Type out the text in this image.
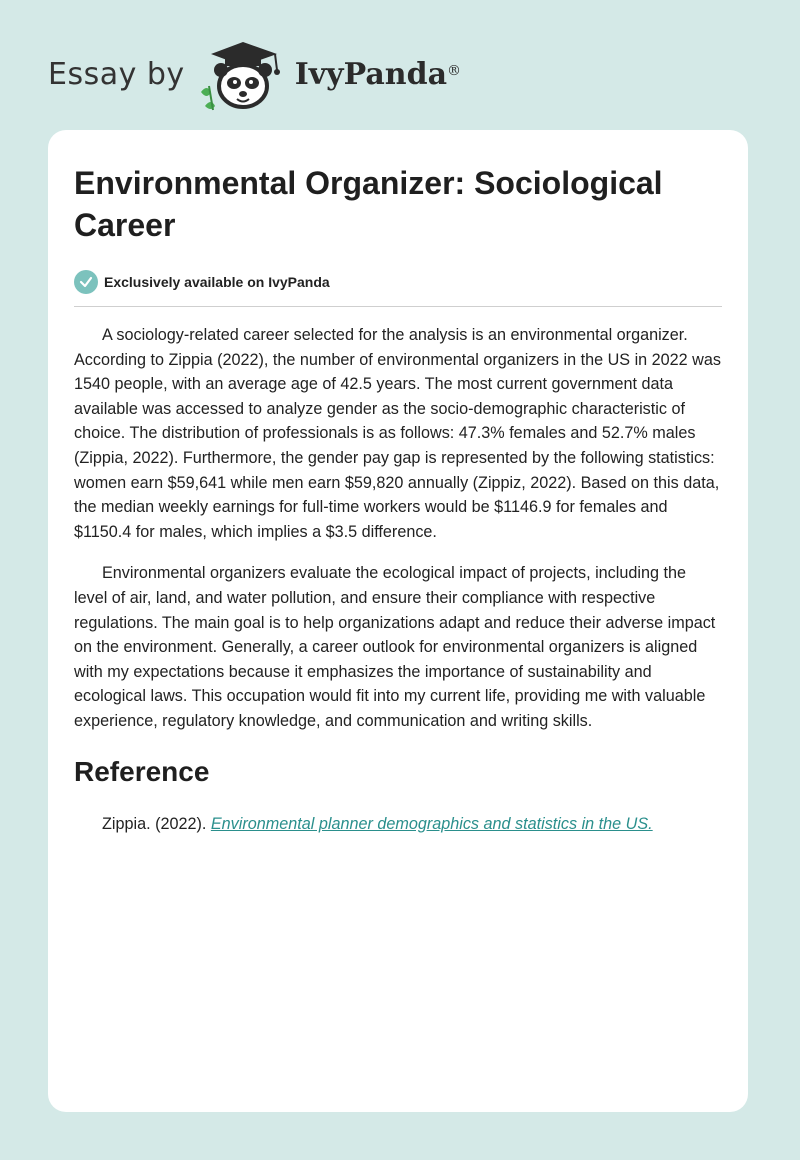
Essay by	IvyPanda®
Environmental Organizer: Sociological Career
Exclusively available on IvyPanda

A sociology-related career selected for the analysis is an environmental organizer. According to Zippia (2022), the number of environmental organizers in the US in 2022 was 1540 people, with an average age of 42.5 years. The most current government data available was accessed to analyze gender as the socio-demographic characteristic of choice. The distribution of professionals is as follows: 47.3% females and 52.7% males (Zippia, 2022). Furthermore, the gender pay gap is represented by the following statistics: women earn $59,641 while men earn $59,820 annually (Zippiz, 2022). Based on this data, the median weekly earnings for full-time workers would be $1146.9 for females and $1150.4 for males, which implies a $3.5 difference.

Environmental organizers evaluate the ecological impact of projects, including the level of air, land, and water pollution, and ensure their compliance with respective regulations. The main goal is to help organizations adapt and reduce their adverse impact on the environment. Generally, a career outlook for environmental organizers is aligned with my expectations because it emphasizes the importance of sustainability and ecological laws. This occupation would fit into my current life, providing me with valuable experience, regulatory knowledge, and communication and writing skills.

Reference

Zippia. (2022). Environmental planner demographics and statistics in the US.
